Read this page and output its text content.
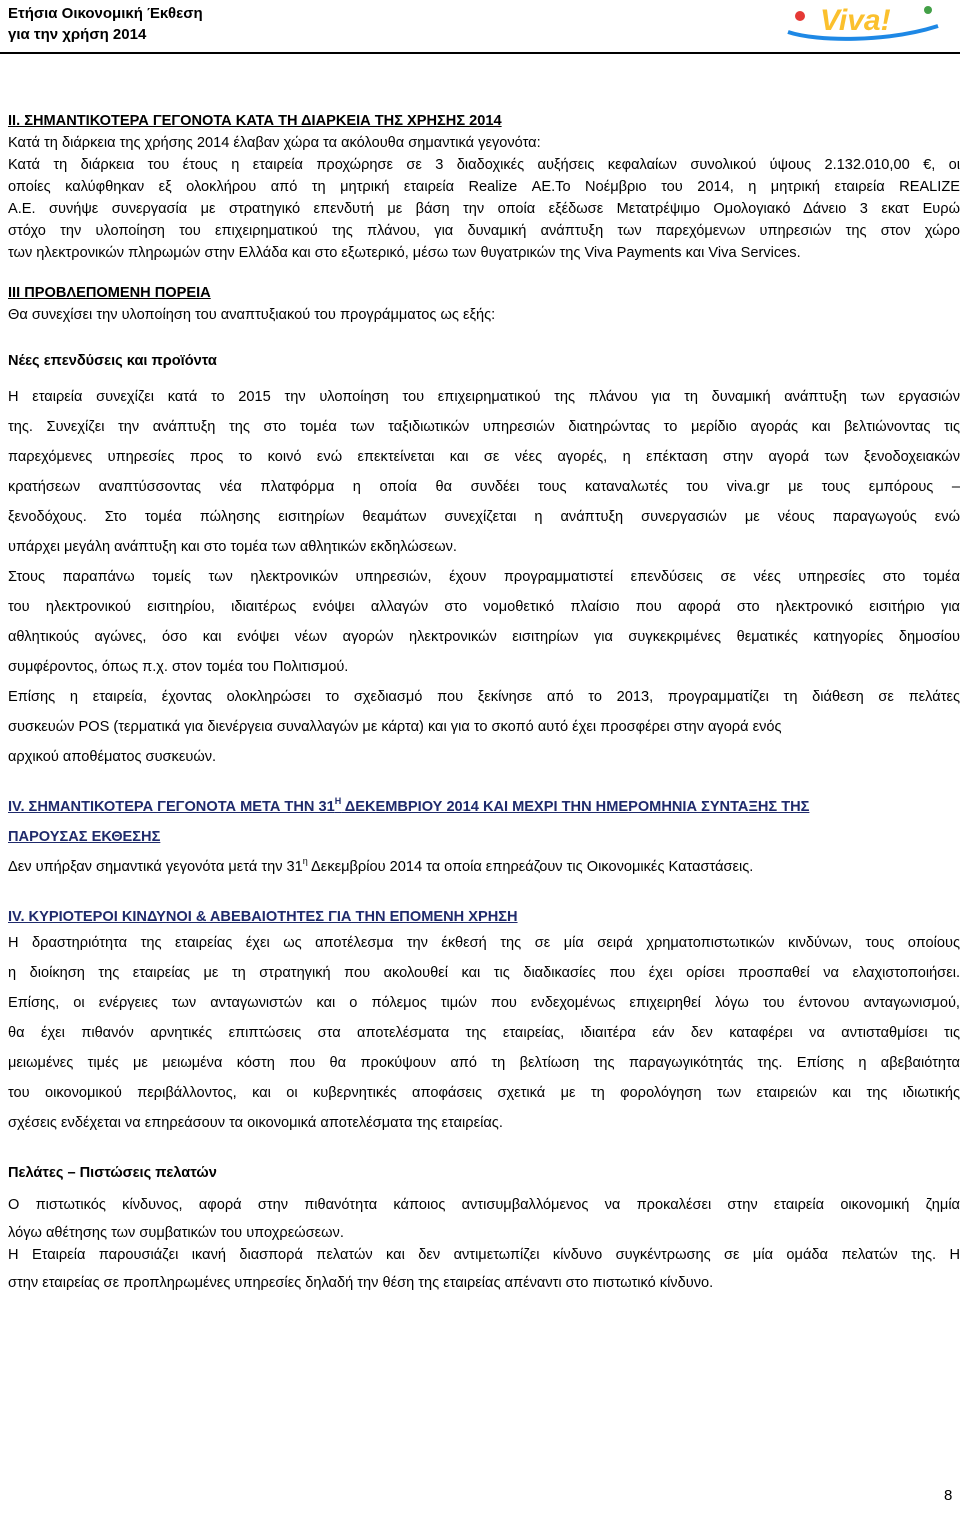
Ετήσια Οικονομική Έκθεση
για την χρήση 2014	Viva!
II. ΣΗΜΑΝΤΙΚΟΤΕΡΑ ΓΕΓΟΝΟΤΑ ΚΑΤΑ ΤΗ ΔΙΑΡΚΕΙΑ ΤΗΣ ΧΡΗΣΗΣ 2014
Κατά τη διάρκεια της χρήσης 2014 έλαβαν χώρα τα ακόλουθα σημαντικά γεγονότα:
Κατά τη διάρκεια του έτους η εταιρεία προχώρησε σε 3 διαδοχικές αυξήσεις κεφαλαίων συνολικού ύψους 2.132.010,00 €, οι
οποίες καλύφθηκαν εξ ολοκλήρου από τη μητρική εταιρεία Realize ΑΕ.Το Νοέμβριο του 2014, η μητρική εταιρεία REALIZE
Α.Ε. συνήψε συνεργασία με στρατηγικό επενδυτή με βάση την οποία εξέδωσε Μετατρέψιμο Ομολογιακό Δάνειο 3 εκατ Ευρώ
στόχο την υλοποίηση του επιχειρηματικού της πλάνου, για δυναμική ανάπτυξη των παρεχόμενων υπηρεσιών της στον χώρο
των ηλεκτρονικών πληρωμών στην Ελλάδα και στο εξωτερικό, μέσω των θυγατρικών της Viva Payments και Viva Services.
III ΠΡΟΒΛΕΠΟΜΕΝΗ ΠΟΡΕΙΑ
Θα συνεχίσει την υλοποίηση του αναπτυξιακού του προγράμματος ως εξής:
Νέες επενδύσεις και προϊόντα
Η εταιρεία συνεχίζει κατά το 2015 την υλοποίηση του επιχειρηματικού της πλάνου για τη δυναμική ανάπτυξη των εργασιών
της. Συνεχίζει την ανάπτυξη της στο τομέα των ταξιδιωτικών υπηρεσιών διατηρώντας το μερίδιο αγοράς και βελτιώνοντας τις
παρεχόμενες υπηρεσίες προς το κοινό ενώ επεκτείνεται και σε νέες αγορές, η επέκταση στην αγορά των ξενοδοχειακών
κρατήσεων αναπτύσσοντας νέα πλατφόρμα η οποία θα συνδέει τους καταναλωτές του viva.gr με τους εμπόρους –
ξενοδόχους. Στο τομέα πώλησης εισιτηρίων θεαμάτων συνεχίζεται η ανάπτυξη συνεργασιών με νέους παραγωγούς ενώ
υπάρχει μεγάλη ανάπτυξη και στο τομέα των αθλητικών εκδηλώσεων.
Στους παραπάνω τομείς των ηλεκτρονικών υπηρεσιών, έχουν προγραμματιστεί επενδύσεις σε νέες υπηρεσίες στο τομέα
του ηλεκτρονικού εισιτηρίου, ιδιαιτέρως ενόψει αλλαγών στο νομοθετικό πλαίσιο που αφορά στο ηλεκτρονικό εισιτήριο για
αθλητικούς αγώνες, όσο και ενόψει νέων αγορών ηλεκτρονικών εισιτηρίων για συγκεκριμένες θεματικές κατηγορίες δημοσίου
συμφέροντος, όπως π.χ. στον τομέα του Πολιτισμού.
Επίσης η εταιρεία, έχοντας ολοκληρώσει το σχεδιασμό που ξεκίνησε από το 2013, προγραμματίζει τη διάθεση σε πελάτες
συσκευών POS (τερματικά για διενέργεια συναλλαγών με κάρτα) και για το σκοπό αυτό έχει προσφέρει στην αγορά ενός
αρχικού αποθέματος συσκευών.
IV. ΣΗΜΑΝΤΙΚΟΤΕΡΑ ΓΕΓΟΝΟΤΑ ΜΕΤΑ ΤΗΝ $31^H$ ΔΕΚΕΜΒΡΙΟΥ 2014 ΚΑΙ ΜΕΧΡΙ ΤΗΝ ΗΜΕΡΟΜΗΝΙΑ ΣΥΝΤΑΞΗΣ ΤΗΣ
ΠΑΡΟΥΣΑΣ ΕΚΘΕΣΗΣ
Δεν υπήρξαν σημαντικά γεγονότα μετά την $31^\eta$ Δεκεμβρίου 2014 τα οποία επηρεάζουν τις Οικονομικές Καταστάσεις.
IV. ΚΥΡΙΟΤΕΡΟΙ ΚΙΝΔΥΝΟΙ & ΑΒΕΒΑΙΟΤΗΤΕΣ ΓΙΑ ΤΗΝ ΕΠΟΜΕΝΗ ΧΡΗΣΗ
Η δραστηριότητα της εταιρείας έχει ως αποτέλεσμα την έκθεσή της σε μία σειρά χρηματοπιστωτικών κινδύνων, τους οποίους
η διοίκηση της εταιρείας με τη στρατηγική που ακολουθεί και τις διαδικασίες που έχει ορίσει προσπαθεί να ελαχιστοποιήσει.
Επίσης, οι ενέργειες των ανταγωνιστών και ο πόλεμος τιμών που ενδεχομένως επιχειρηθεί λόγω του έντονου ανταγωνισμού,
θα έχει πιθανόν αρνητικές επιπτώσεις στα αποτελέσματα της εταιρείας, ιδιαιτέρα εάν δεν καταφέρει να αντισταθμίσει τις
μειωμένες τιμές με μειωμένα κόστη που θα προκύψουν από τη βελτίωση της παραγωγικότητάς της. Επίσης η αβεβαιότητα
του οικονομικού περιβάλλοντος, και οι κυβερνητικές αποφάσεις σχετικά με τη φορολόγηση των εταιρειών και της ιδιωτικής
σχέσεις ενδέχεται να επηρεάσουν τα οικονομικά αποτελέσματα της εταιρείας.
Πελάτες – Πιστώσεις πελατών
Ο πιστωτικός κίνδυνος, αφορά στην πιθανότητα κάποιος αντισυμβαλλόμενος να προκαλέσει στην εταιρεία οικονομική ζημία
λόγω αθέτησης των συμβατικών του υποχρεώσεων.
Η Εταιρεία παρουσιάζει ικανή διασπορά πελατών και δεν αντιμετωπίζει κίνδυνο συγκέντρωσης σε μία ομάδα πελατών της. Η
στην εταιρείας σε προπληρωμένες υπηρεσίες δηλαδή την θέση της εταιρείας απέναντι στο πιστωτικό κίνδυνο.
8
